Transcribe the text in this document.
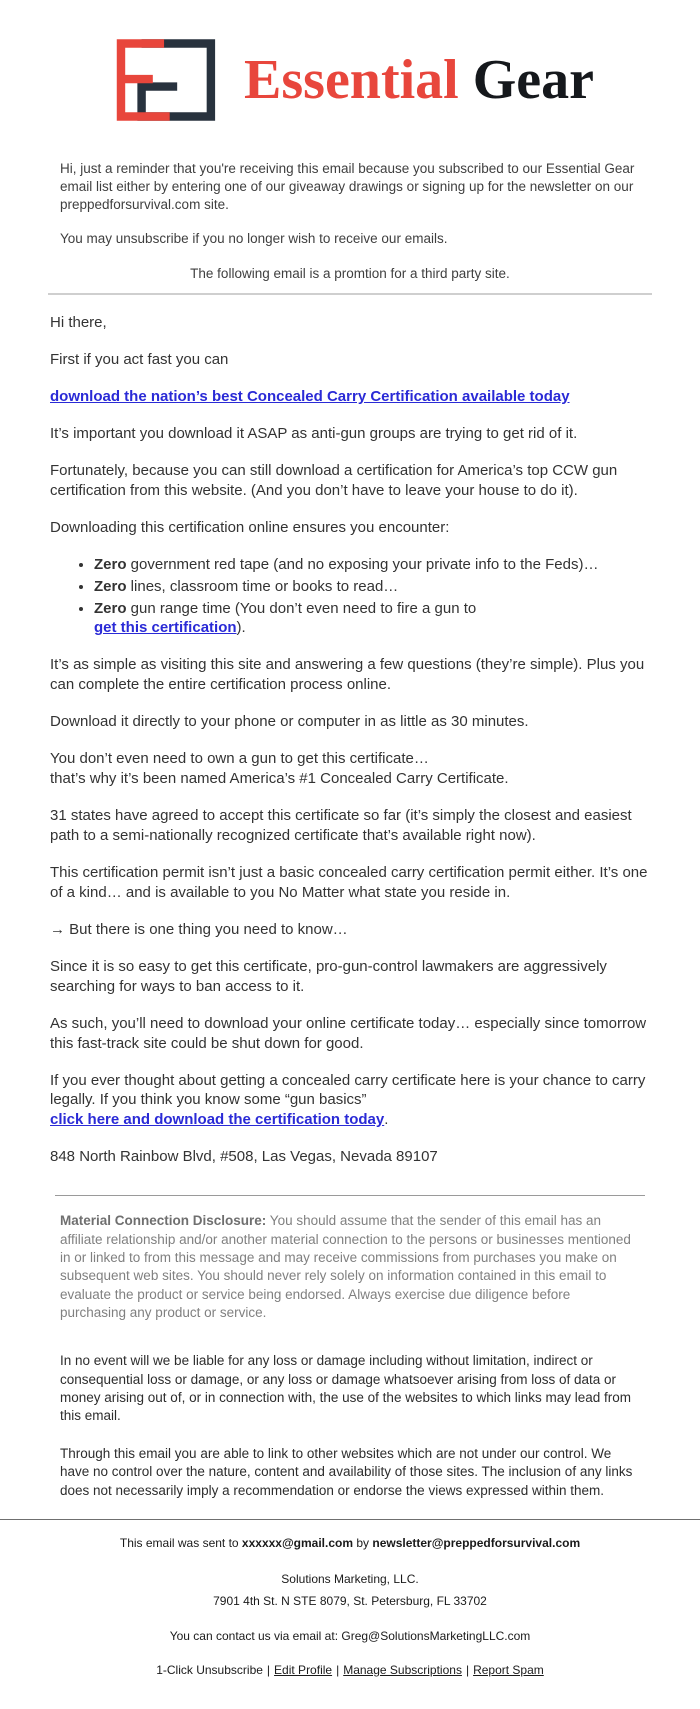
Essential Gear

Hi, just a reminder that you're receiving this email because you subscribed to our Essential Gear email list either by entering one of our giveaway drawings or signing up for the newsletter on our preppedforsurvival.com site.

You may unsubscribe if you no longer wish to receive our emails.

The following email is a promtion for a third party site.

Hi there,

First if you act fast you can

download the nation’s best Concealed Carry Certification available today

It’s important you download it ASAP as anti-gun groups are trying to get rid of it.

Fortunately, because you can still download a certification for America’s top CCW gun certification from this website. (And you don’t have to leave your house to do it).

Downloading this certification online ensures you encounter:

• Zero government red tape (and no exposing your private info to the Feds)…
• Zero lines, classroom time or books to read…
• Zero gun range time (You don’t even need to fire a gun to
get this certification).

It’s as simple as visiting this site and answering a few questions (they’re simple). Plus you can complete the entire certification process online.

Download it directly to your phone or computer in as little as 30 minutes.

You don’t even need to own a gun to get this certificate…
that’s why it’s been named America’s #1 Concealed Carry Certificate.

31 states have agreed to accept this certificate so far (it’s simply the closest and easiest path to a semi-nationally recognized certificate that’s available right now).

This certification permit isn’t just a basic concealed carry certification permit either. It’s one of a kind… and is available to you No Matter what state you reside in.

→ But there is one thing you need to know…

Since it is so easy to get this certificate, pro-gun-control lawmakers are aggressively searching for ways to ban access to it.

As such, you’ll need to download your online certificate today… especially since tomorrow this fast-track site could be shut down for good.

If you ever thought about getting a concealed carry certificate here is your chance to carry legally. If you think you know some “gun basics”
click here and download the certification today.

848 North Rainbow Blvd, #508, Las Vegas, Nevada 89107

Material Connection Disclosure: You should assume that the sender of this email has an affiliate relationship and/or another material connection to the persons or businesses mentioned in or linked to from this message and may receive commissions from purchases you make on subsequent web sites. You should never rely solely on information contained in this email to evaluate the product or service being endorsed. Always exercise due diligence before purchasing any product or service.

In no event will we be liable for any loss or damage including without limitation, indirect or consequential loss or damage, or any loss or damage whatsoever arising from loss of data or money arising out of, or in connection with, the use of the websites to which links may lead from this email.

Through this email you are able to link to other websites which are not under our control. We have no control over the nature, content and availability of those sites. The inclusion of any links does not necessarily imply a recommendation or endorse the views expressed within them.

This email was sent to xxxxxx@gmail.com by newsletter@preppedforsurvival.com

Solutions Marketing, LLC.

7901 4th St. N STE 8079, St. Petersburg, FL 33702

You can contact us via email at: Greg@SolutionsMarketingLLC.com

1-Click Unsubscribe | Edit Profile | Manage Subscriptions | Report Spam
